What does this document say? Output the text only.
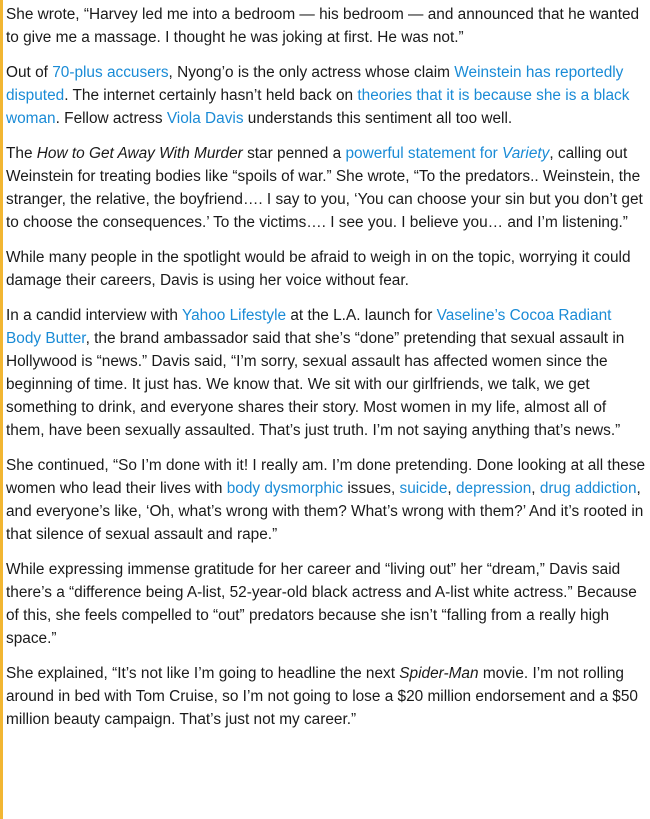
She wrote, “Harvey led me into a bedroom — his bedroom — and announced that he wanted to give me a massage. I thought he was joking at first. He was not.”

Out of 70-plus accusers, Nyong’o is the only actress whose claim Weinstein has reportedly disputed. The internet certainly hasn’t held back on theories that it is because she is a black woman. Fellow actress Viola Davis understands this sentiment all too well.

The How to Get Away With Murder star penned a powerful statement for Variety, calling out Weinstein for treating bodies like “spoils of war.” She wrote, “To the predators.. Weinstein, the stranger, the relative, the boyfriend…. I say to you, ‘You can choose your sin but you don’t get to choose the consequences.’ To the victims…. I see you. I believe you… and I’m listening.”

While many people in the spotlight would be afraid to weigh in on the topic, worrying it could damage their careers, Davis is using her voice without fear.

In a candid interview with Yahoo Lifestyle at the L.A. launch for Vaseline’s Cocoa Radiant Body Butter, the brand ambassador said that she’s “done” pretending that sexual assault in Hollywood is “news.” Davis said, “I’m sorry, sexual assault has affected women since the beginning of time. It just has. We know that. We sit with our girlfriends, we talk, we get something to drink, and everyone shares their story. Most women in my life, almost all of them, have been sexually assaulted. That’s just truth. I’m not saying anything that’s news.”

She continued, “So I’m done with it! I really am. I’m done pretending. Done looking at all these women who lead their lives with body dysmorphic issues, suicide, depression, drug addiction, and everyone’s like, ‘Oh, what’s wrong with them? What’s wrong with them?’ And it’s rooted in that silence of sexual assault and rape.”

While expressing immense gratitude for her career and “living out” her “dream,” Davis said there’s a “difference being A-list, 52-year-old black actress and A-list white actress.” Because of this, she feels compelled to “out” predators because she isn’t “falling from a really high space.”

She explained, “It’s not like I’m going to headline the next Spider-Man movie. I’m not rolling around in bed with Tom Cruise, so I’m not going to lose a $20 million endorsement and a $50 million beauty campaign. That’s just not my career.”
